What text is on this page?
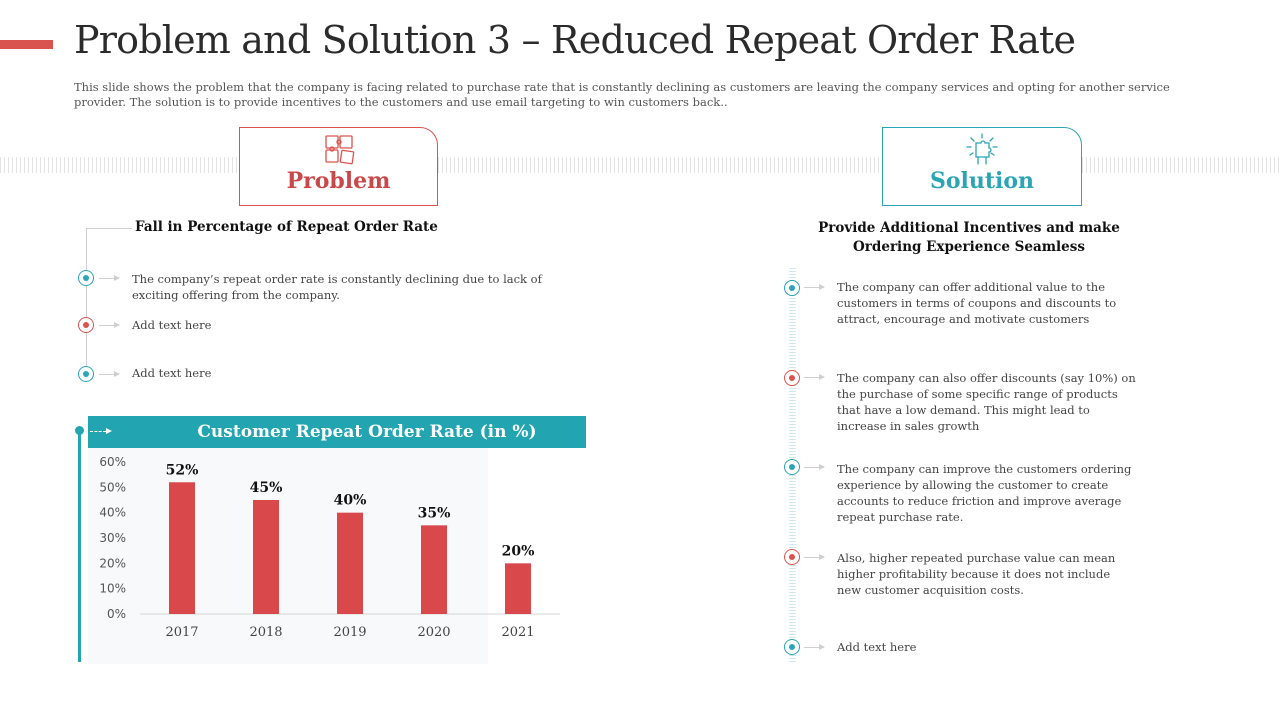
Problem and Solution 3 – Reduced Repeat Order Rate

This slide shows the problem that the company is facing related to purchase rate that is constantly declining as customers are leaving the company services and opting for another service provider. The solution is to provide incentives to the customers and use email targeting to win customers back..

Problem	Solution
Fall in Percentage of Repeat Order Rate
The company’s repeat order rate is constantly declining due to lack of exciting offering from the company.
Add text here
Add text here
Customer Repeat Order Rate (in %)
0%
10%
20%
30%
40%
50%
60%
52%
2017
45%
2018
40%
2019
35%
2020
20%
2021
Provide Additional Incentives and make
Ordering Experience Seamless
The company can offer additional value to the customers in terms of coupons and discounts to attract, encourage and motivate customers
The company can also offer discounts (say 10%) on the purchase of some specific range of products that have a low demand. This might lead to increase in sales growth
The company can improve the customers ordering experience by allowing the customer to create accounts to reduce friction and improve average repeat purchase rate.
Also, higher repeated purchase value can mean higher profitability because it does not include new customer acquisition costs.
Add text here
